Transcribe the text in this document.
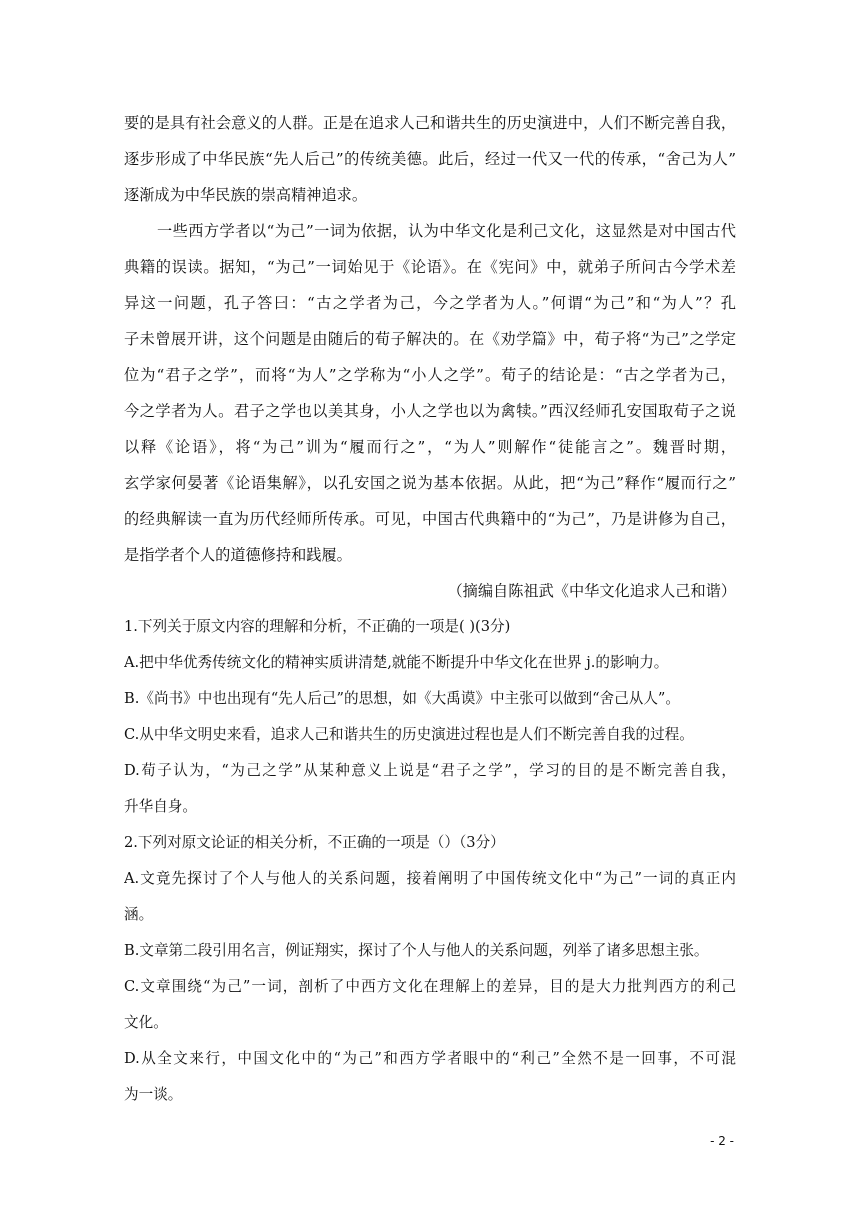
要的是具有社会意义的人群。正是在追求人己和谐共生的历史演进中，人们不断完善自我，
逐步形成了中华民族“先人后己”的传统美德。此后，经过一代又一代的传承，“舍己为人”
逐渐成为中华民族的崇高精神追求。
一些西方学者以“为己”一词为依据，认为中华文化是利己文化，这显然是对中国古代
典籍的误读。据知，“为己”一词始见于《论语》。在《宪问》中，就弟子所问古今学术差
异这一问题，孔子答曰：“古之学者为己，今之学者为人。”何谓“为己”和“为人”？孔
子未曾展开讲，这个问题是由随后的荀子解决的。在《劝学篇》中，荀子将“为己”之学定
位为“君子之学”，而将“为人”之学称为“小人之学”。荀子的结论是：“古之学者为己，
今之学者为人。君子之学也以美其身，小人之学也以为禽犊。”西汉经师孔安国取荀子之说
以释《论语》，将“为己”训为“履而行之”，“为人”则解作“徒能言之”。魏晋时期，
玄学家何晏著《论语集解》，以孔安国之说为基本依据。从此，把“为己”释作“履而行之”
的经典解读一直为历代经师所传承。可见，中国古代典籍中的“为己”，乃是讲修为自己，
是指学者个人的道德修持和践履。
（摘编自陈祖武《中华文化追求人己和谐）
1.下列关于原文内容的理解和分析，不正确的一项是( )(3分)
A.把中华优秀传统文化的精神实质讲清楚,就能不断提升中华文化在世界 j.的影响力。
B.《尚书》中也出现有“先人后己”的思想，如《大禹谟》中主张可以做到“舍己从人”。
C.从中华文明史来看，追求人己和谐共生的历史演进过程也是人们不断完善自我的过程。
D.荀子认为，“为己之学”从某种意义上说是“君子之学”，学习的目的是不断完善自我，
升华自身。
2.下列对原文论证的相关分析，不正确的一项是（）（3分）
A.文竟先探讨了个人与他人的关系问题，接着阐明了中国传统文化中“为己”一词的真正内
涵。
B.文章第二段引用名言，例证翔实，探讨了个人与他人的关系问题，列举了诸多思想主张。
C.文章围绕“为己”一词，剖析了中西方文化在理解上的差异，目的是大力批判西方的利己
文化。
D.从全文来行，中国文化中的“为己”和西方学者眼中的“利己”全然不是一回事，不可混
为一谈。
- 2 -
